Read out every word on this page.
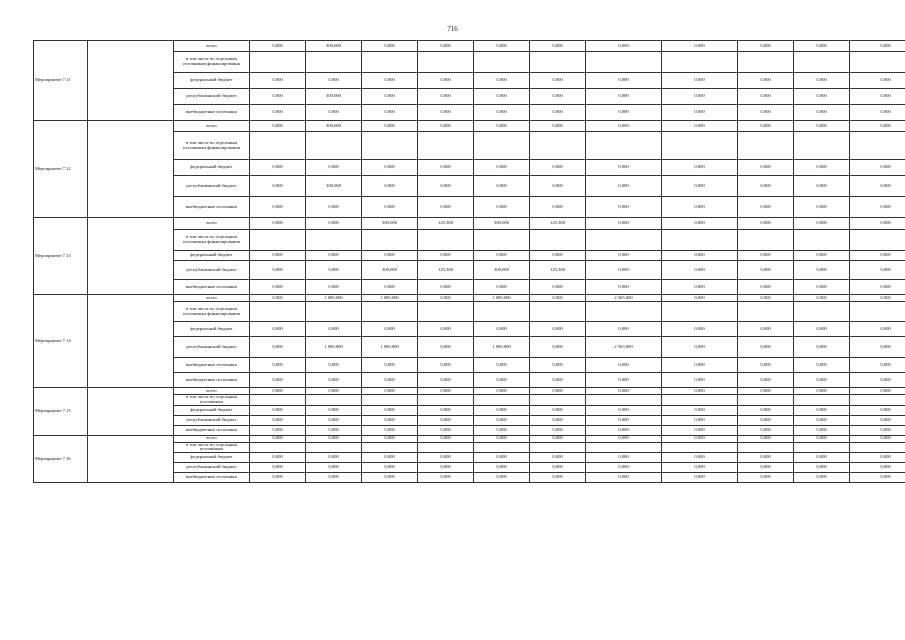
716
Мероприятие 7.11		всего	0,000	300,000	0,000	0,000	0,000	0,000	0,000	0,000	0,000	0,000	0,000
		в том числе по отдельным источникам финансирования											
		федеральный бюджет	0,000	0,000	0,000	0,000	0,000	0,000	0,000	0,000	0,000	0,000	0,000
		республиканский бюджет	0,000	300,000	0,000	0,000	0,000	0,000	0,000	0,000	0,000	0,000	0,000
		внебюджетные источники	0,000	0,000	0,000	0,000	0,000	0,000	0,000	0,000	0,000	0,000	0,000
Мероприятие 7.12		всего	0,000	300,000	0,000	0,000	0,000	0,000	0,000	0,000	0,000	0,000	0,000
		в том числе по отдельным источникам финансирования											
		федеральный бюджет	0,000	0,000	0,000	0,000	0,000	0,000	0,000	0,000	0,000	0,000	0,000
		республиканский бюджет	0,000	300,000	0,000	0,000	0,000	0,000	0,000	0,000	0,000	0,000	0,000
		внебюджетные источники	0,000	0,000	0,000	0,000	0,000	0,000	0,000	0,000	0,000	0,000	0,000
Мероприятие 7.13		всего	0,000	0,000	300,000	125,300	300,000	125,300	0,000	0,000	0,000	0,000	0,000
		в том числе по отдельным источникам финансирования											
		федеральный бюджет	0,000	0,000	0,000	0,000	0,000	0,000	0,000	0,000	0,000	0,000	0,000
		республиканский бюджет	0,000	0,000	300,000	125,300	300,000	125,300	0,000	0,000	0,000	0,000	0,000
		внебюджетные источники	0,000	0,000	0,000	0,000	0,000	0,000	0,000	0,000	0,000	0,000	0,000
Мероприятие 7.14		всего	0,000	1 000,000	1 000,000	0,000	1 000,000	0,000	2 565,000	0,000	0,000	0,000	0,000
		в том числе по отдельным источникам финансирования											
		федеральный бюджет	0,000	0,000	0,000	0,000	0,000	0,000	0,000	0,000	0,000	0,000	0,000
		республиканский бюджет	0,000	1 000,000	1 000,000	0,000	1 000,000	0,000	2 565,000	0,000	0,000	0,000	0,000
		внебюджетные источники	0,000	0,000	0,000	0,000	0,000	0,000	0,000	0,000	0,000	0,000	0,000
		внебюджетные источники	0,000	0,000	0,000	0,000	0,000	0,000	0,000	0,000	0,000	0,000	0,000
Мероприятие 7.15		всего	0,000	0,000	0,000	0,000	0,000	0,000	0,000	0,000	0,000	0,000	0,000
		в том числе по отдельным источникам											
		федеральный бюджет	0,000	0,000	0,000	0,000	0,000	0,000	0,000	0,000	0,000	0,000	0,000
		республиканский бюджет	0,000	0,000	0,000	0,000	0,000	0,000	0,000	0,000	0,000	0,000	0,000
		внебюджетные источники	0,000	0,000	0,000	0,000	0,000	0,000	0,000	0,000	0,000	0,000	0,000
Мероприятие 7.16		всего	0,000	0,000	0,000	0,000	0,000	0,000	0,000	0,000	0,000	0,000	0,000
		в том числе по отдельным источникам											
		федеральный бюджет	0,000	0,000	0,000	0,000	0,000	0,000	0,000	0,000	0,000	0,000	0,000
		республиканский бюджет	0,000	0,000	0,000	0,000	0,000	0,000	0,000	0,000	0,000	0,000	0,000
		внебюджетные источники	0,000	0,000	0,000	0,000	0,000	0,000	0,000	0,000	0,000	0,000	0,000
